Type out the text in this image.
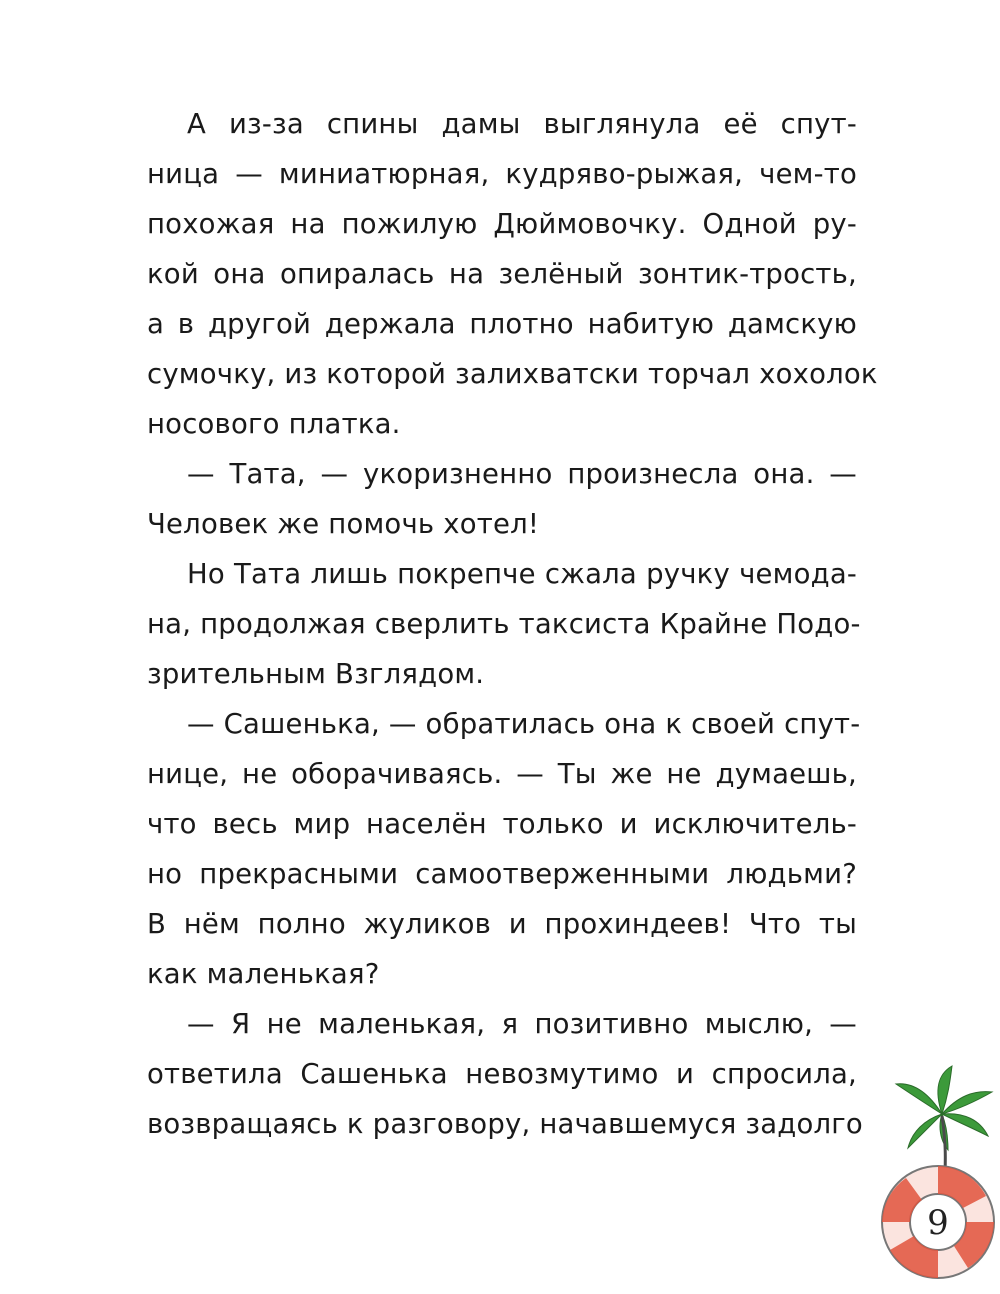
А из-за спины дамы выглянула её спут-
ница — миниатюрная, кудряво-рыжая, чем-то
похожая на пожилую Дюймовочку. Одной ру-
кой она опиралась на зелёный зонтик-трость,
а в другой держала плотно набитую дамскую
сумочку, из которой залихватски торчал хохолок
носового платка.
— Тата, — укоризненно произнесла она. —
Человек же помочь хотел!
Но Тата лишь покрепче сжала ручку чемода-
на, продолжая сверлить таксиста Крайне Подо-
зрительным Взглядом.
— Сашенька, — обратилась она к своей спут-
нице, не оборачиваясь. — Ты же не думаешь,
что весь мир населён только и исключитель-
но прекрасными самоотверженными людьми?
В нём полно жуликов и прохиндеев! Что ты
как маленькая?
— Я не маленькая, я позитивно мыслю, —
ответила Сашенька невозмутимо и спросила,
возвращаясь к разговору, начавшемуся задолго
9
